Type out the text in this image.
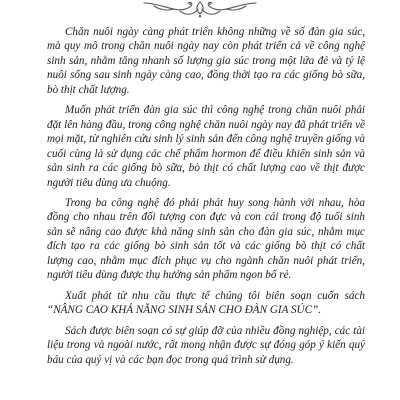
Chăn nuôi ngày càng phát triển không những về số đàn gia súc, mà quy mô trong chăn nuôi ngày nay còn phát triển cả về công nghệ sinh sản, nhằm tăng nhanh số lượng gia súc trong một lứa đẻ và tỷ lệ nuôi sống sau sinh ngày càng cao, đồng thời tạo ra các giống bò sữa, bò thịt chất lượng.

Muốn phát triển đàn gia súc thì công nghệ trong chăn nuôi phải đặt lên hàng đầu, trong công nghệ chăn nuôi ngày nay đã phát triển về mọi mặt, từ nghiên cứu sinh lý sinh sản đến công nghệ truyền giống và cuối cùng là sử dụng các chế phẩm hormon để điều khiển sinh sản và sản sinh ra các giống bò sữa, bò thịt có chất lượng cao về thịt được người tiêu dùng ưa chuộng.

Trong ba công nghệ đó phải phát huy song hành với nhau, hòa đồng cho nhau trên đối tượng con đực và con cái trong độ tuổi sinh sản sẽ nâng cao được khả năng sinh sản cho đàn gia súc, nhằm mục đích tạo ra các giống bò sinh sản tốt và các giống bò thịt có chất lượng cao, nhằm mục đích phục vụ cho ngành chăn nuôi phát triển, người tiêu dùng được thụ hưởng sản phẩm ngon bổ rẻ.

Xuất phát từ nhu cầu thực tế chúng tôi biên soạn cuốn sách “NÂNG CAO KHẢ NĂNG SINH SẢN CHO ĐÀN GIA SÚC”.

Sách được biên soạn có sự giúp đỡ của nhiều đồng nghiệp, các tài liệu trong và ngoài nước, rất mong nhận được sự đóng góp ý kiến quý báu của quý vị và các bạn đọc trong quá trình sử dụng.
